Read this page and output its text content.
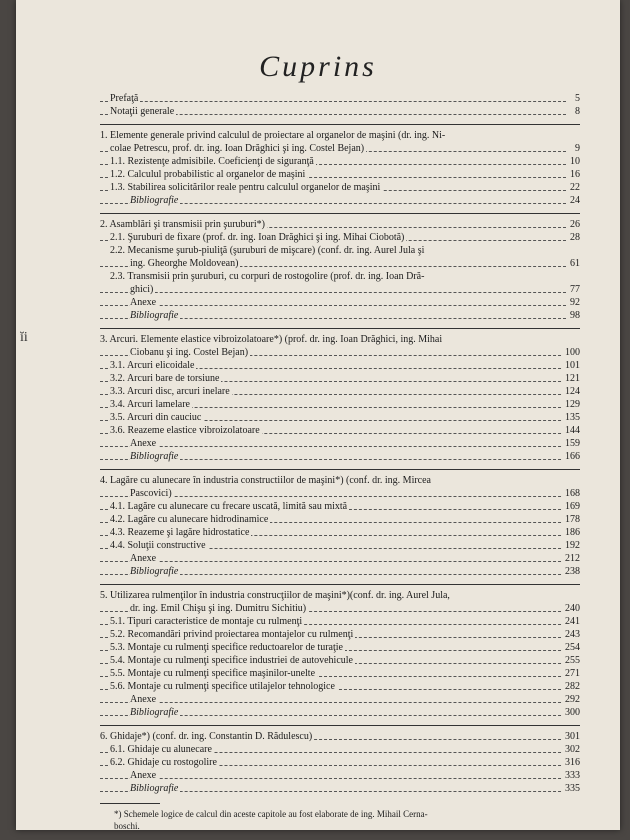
Cuprins
ĭi
Prefaţă	5
Notaţii generale	8
1. Elemente generale privind calculul de proiectare al organelor de maşini (dr. ing. Ni-
colae Petrescu, prof. dr. ing. Ioan Drăghici şi ing. Costel Bejan)	9
1.1. Rezistenţe admisibile. Coeficienţi de siguranţă	10
1.2. Calculul probabilistic al organelor de maşini	16
1.3. Stabilirea solicitărilor reale pentru calculul organelor de maşini	22
Bibliografie	24
2. Asamblări şi transmisii prin şuruburi*)	26
2.1. Şuruburi de fixare (prof. dr. ing. Ioan Drăghici şi ing. Mihai Ciobotă)	28
2.2. Mecanisme şurub-piuliţă (şuruburi de mişcare) (conf. dr. ing. Aurel Jula şi
ing. Gheorghe Moldovean)	61
2.3. Transmisii prin şuruburi, cu corpuri de rostogolire (prof. dr. ing. Ioan Dră-
ghici)	77
Anexe	92
Bibliografie	98
3. Arcuri. Elemente elastice vibroizolatoare*) (prof. dr. ing. Ioan Drăghici, ing. Mihai
Ciobanu şi ing. Costel Bejan)	100
3.1. Arcuri elicoidale	101
3.2. Arcuri bare de torsiune	121
3.3. Arcuri disc, arcuri inelare	124
3.4. Arcuri lamelare	129
3.5. Arcuri din cauciuc	135
3.6. Reazeme elastice vibroizolatoare	144
Anexe	159
Bibliografie	166
4. Lagăre cu alunecare în industria constructiilor de maşini*) (conf. dr. ing. Mircea
Pascovici)	168
4.1. Lagăre cu alunecare cu frecare uscată, limită sau mixtă	169
4.2. Lagăre cu alunecare hidrodinamice	178
4.3. Reazeme şi lagăre hidrostatice	186
4.4. Soluţii constructive	192
Anexe	212
Bibliografie	238
5. Utilizarea rulmenţilor în industria construcţiilor de maşini*)(conf. dr. ing. Aurel Jula,
dr. ing. Emil Chişu şi ing. Dumitru Sichitiu)	240
5.1. Tipuri caracteristice de montaje cu rulmenţi	241
5.2. Recomandări privind proiectarea montajelor cu rulmenţi	243
5.3. Montaje cu rulmenţi specifice reductoarelor de turaţie	254
5.4. Montaje cu rulmenţi specifice industriei de autovehicule	255
5.5. Montaje cu rulmenţi specifice maşinilor-unelte	271
5.6. Montaje cu rulmenţi specifice utilajelor tehnologice	282
Anexe	292
Bibliografie	300
6. Ghidaje*) (conf. dr. ing. Constantin D. Rădulescu)	301
6.1. Ghidaje cu alunecare	302
6.2. Ghidaje cu rostogolire	316
Anexe	333
Bibliografie	335
*) Schemele logice de calcul din aceste capitole au fost elaborate de ing. Mihail Cerna-
boschi.
